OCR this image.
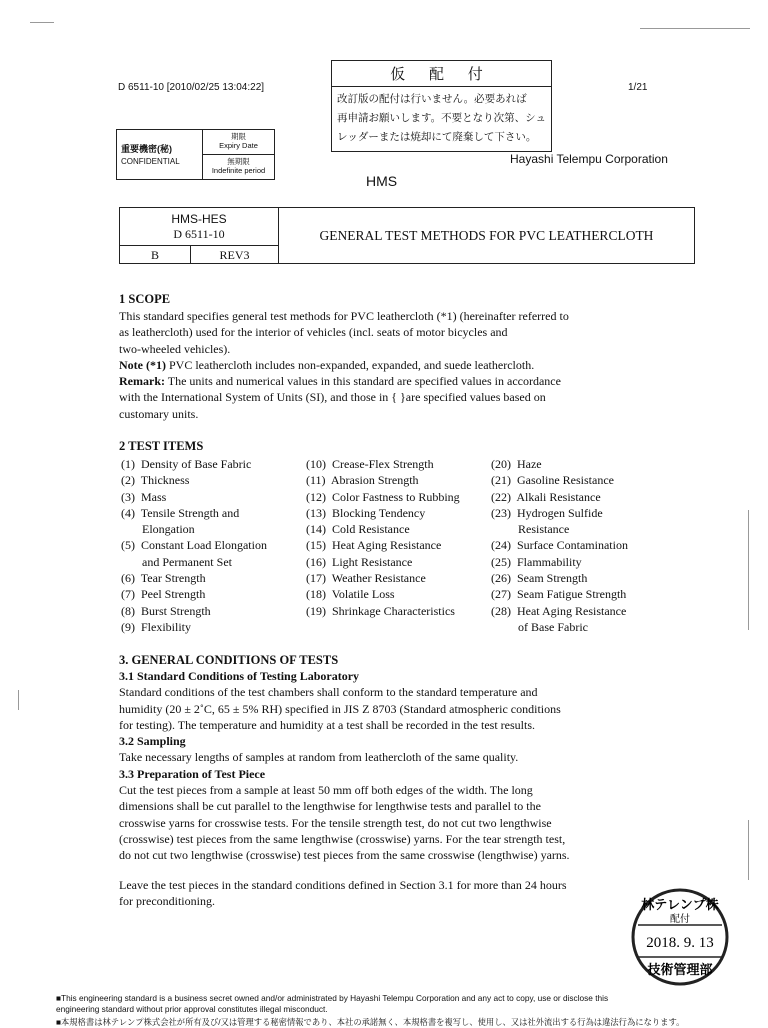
D 6511-10 [2010/02/25 13:04:22]	1/21
仮 配 付
改訂版の配付は行いません。必要あれば
再申請お願いします。不要となり次第、シュ
レッダーまたは焼却にて廃棄して下さい。
重要機密(秘)
CONFIDENTIAL
期限
Expiry Date
無期限
Indefinite period
Hayashi Telempu Corporation
HMS
HMS-HES
D 6511-10
B	REV3
GENERAL TEST METHODS FOR PVC LEATHERCLOTH
1 SCOPE
This standard specifies general test methods for PVC leathercloth (*1) (hereinafter referred to
as leathercloth) used for the interior of vehicles (incl. seats of motor bicycles and
two-wheeled vehicles).
Note (*1) PVC leathercloth includes non-expanded, expanded, and suede leathercloth.
Remark: The units and numerical values in this standard are specified values in accordance
with the International System of Units (SI), and those in { }are specified values based on
customary units.
2 TEST ITEMS
(1)  Density of Base Fabric
(2)  Thickness
(3)  Mass
(4)  Tensile Strength and
Elongation
(5)  Constant Load Elongation
and Permanent Set
(6)  Tear Strength
(7)  Peel Strength
(8)  Burst Strength
(9)  Flexibility
(10)  Crease-Flex Strength
(11)  Abrasion Strength
(12)  Color Fastness to Rubbing
(13)  Blocking Tendency
(14)  Cold Resistance
(15)  Heat Aging Resistance
(16)  Light Resistance
(17)  Weather Resistance
(18)  Volatile Loss
(19)  Shrinkage Characteristics
(20)  Haze
(21)  Gasoline Resistance
(22)  Alkali Resistance
(23)  Hydrogen Sulfide
Resistance
(24)  Surface Contamination
(25)  Flammability
(26)  Seam Strength
(27)  Seam Fatigue Strength
(28)  Heat Aging Resistance
of Base Fabric
3. GENERAL CONDITIONS OF TESTS
3.1 Standard Conditions of Testing Laboratory
Standard conditions of the test chambers shall conform to the standard temperature and
humidity (20 ± 2˚C, 65 ± 5% RH) specified in JIS Z 8703 (Standard atmospheric conditions
for testing). The temperature and humidity at a test shall be recorded in the test results.
3.2 Sampling
Take necessary lengths of samples at random from leathercloth of the same quality.
3.3 Preparation of Test Piece
Cut the test pieces from a sample at least 50 mm off both edges of the width. The long
dimensions shall be cut parallel to the lengthwise for lengthwise tests and parallel to the
crosswise yarns for crosswise tests. For the tensile strength test, do not cut two lengthwise
(crosswise) test pieces from the same lengthwise (crosswise) yarns. For the tear strength test,
do not cut two lengthwise (crosswise) test pieces from the same crosswise (lengthwise) yarns.
Leave the test pieces in the standard conditions defined in Section 3.1 for more than 24 hours
for preconditioning.	林テレンプ株
配付
2018. 9. 13
技術管理部
■This engineering standard is a business secret owned and/or administrated by Hayashi Telempu Corporation and any act to copy, use or disclose this
engineering standard without prior approval constitutes illegal misconduct.
■本規格書は林テレンプ株式会社が所有及び/又は管理する秘密情報であり、本社の承諾無く、本規格書を複写し、使用し、又は社外流出する行為は違法行為になります。
